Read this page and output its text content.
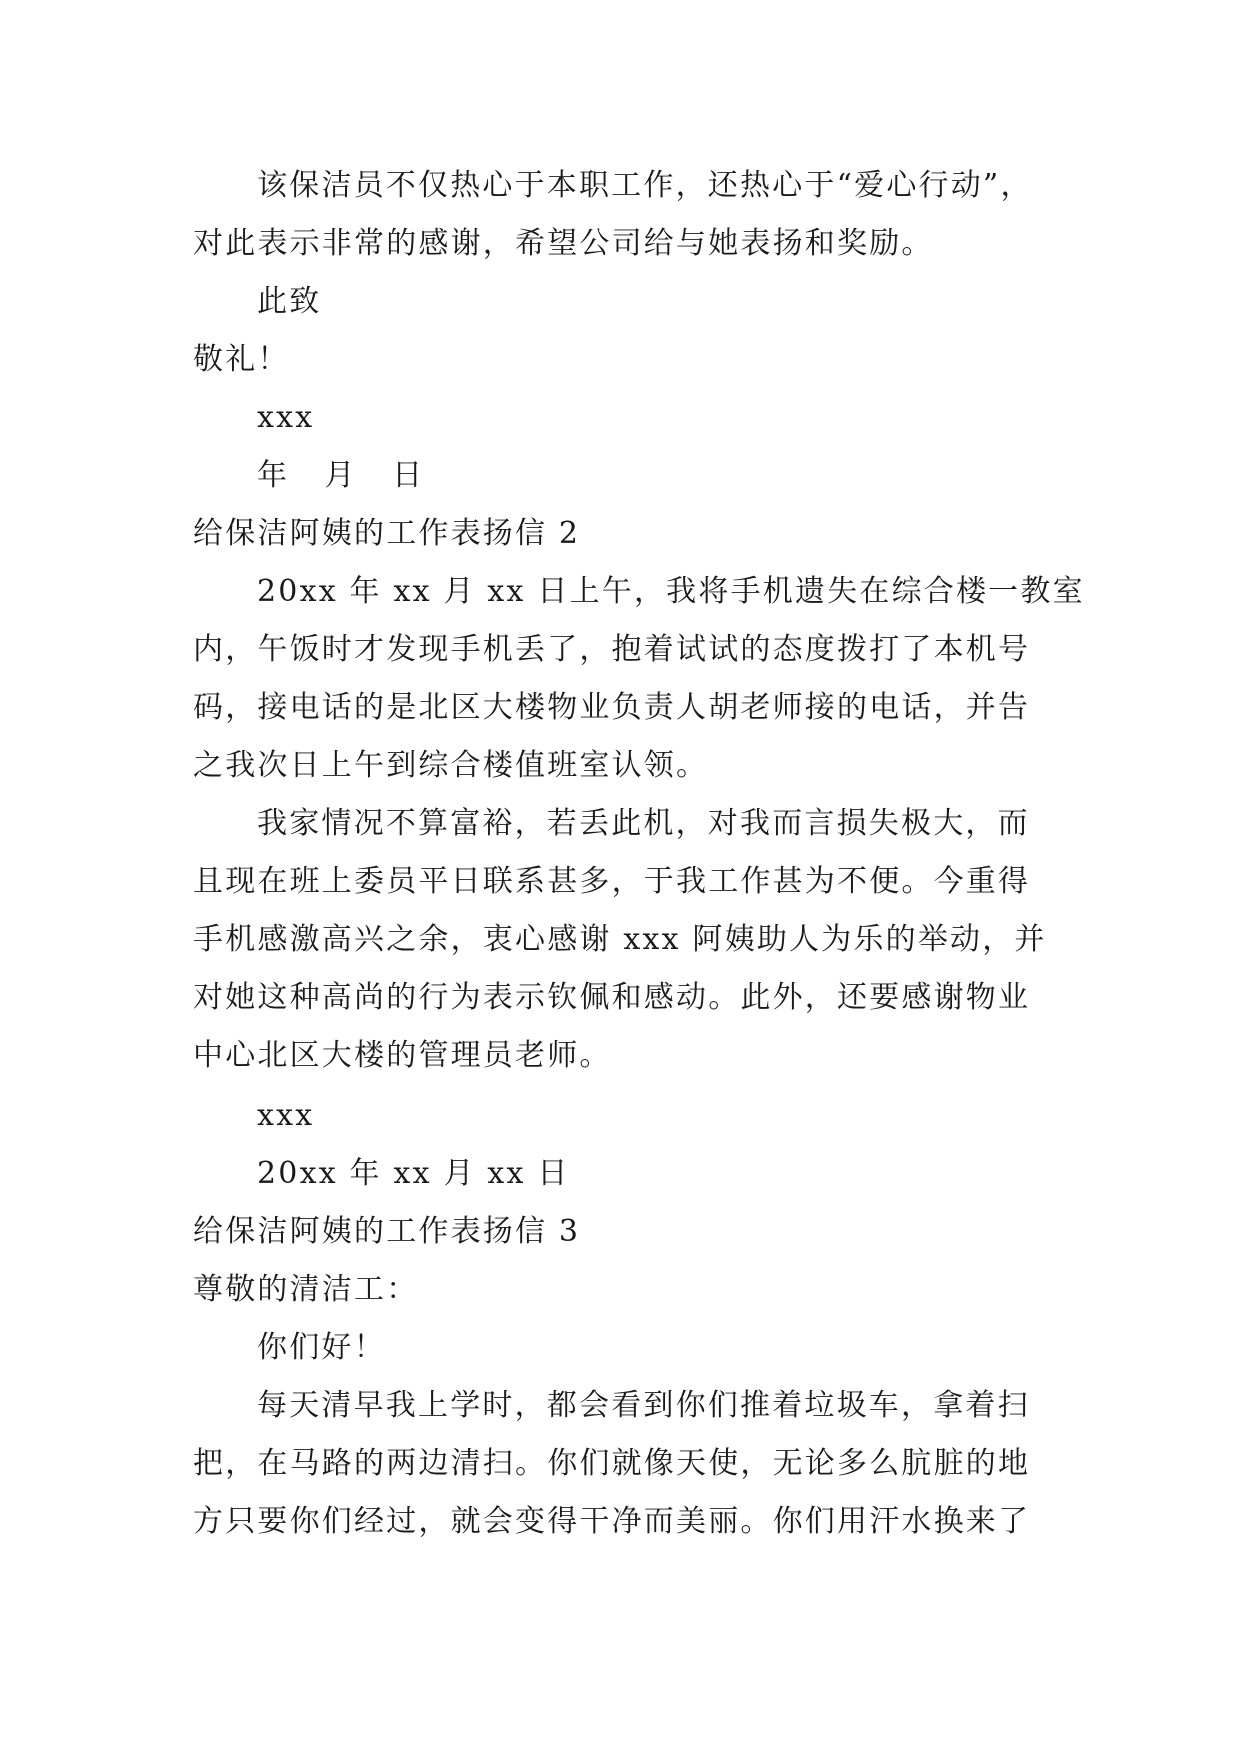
该保洁员不仅热心于本职工作，还热心于“爱心行动”，
对此表示非常的感谢，希望公司给与她表扬和奖励。
此致
敬礼！
xxx
年 月 日
给保洁阿姨的工作表扬信 2
20xx 年 xx 月 xx 日上午，我将手机遗失在综合楼一教室
内，午饭时才发现手机丢了，抱着试试的态度拨打了本机号
码，接电话的是北区大楼物业负责人胡老师接的电话，并告
之我次日上午到综合楼值班室认领。
我家情况不算富裕，若丢此机，对我而言损失极大，而
且现在班上委员平日联系甚多，于我工作甚为不便。今重得
手机感激高兴之余，衷心感谢 xxx 阿姨助人为乐的举动，并
对她这种高尚的行为表示钦佩和感动。此外，还要感谢物业
中心北区大楼的管理员老师。
xxx
20xx 年 xx 月 xx 日
给保洁阿姨的工作表扬信 3
尊敬的清洁工：
你们好！
每天清早我上学时，都会看到你们推着垃圾车，拿着扫
把，在马路的两边清扫。你们就像天使，无论多么肮脏的地
方只要你们经过，就会变得干净而美丽。你们用汗水换来了
